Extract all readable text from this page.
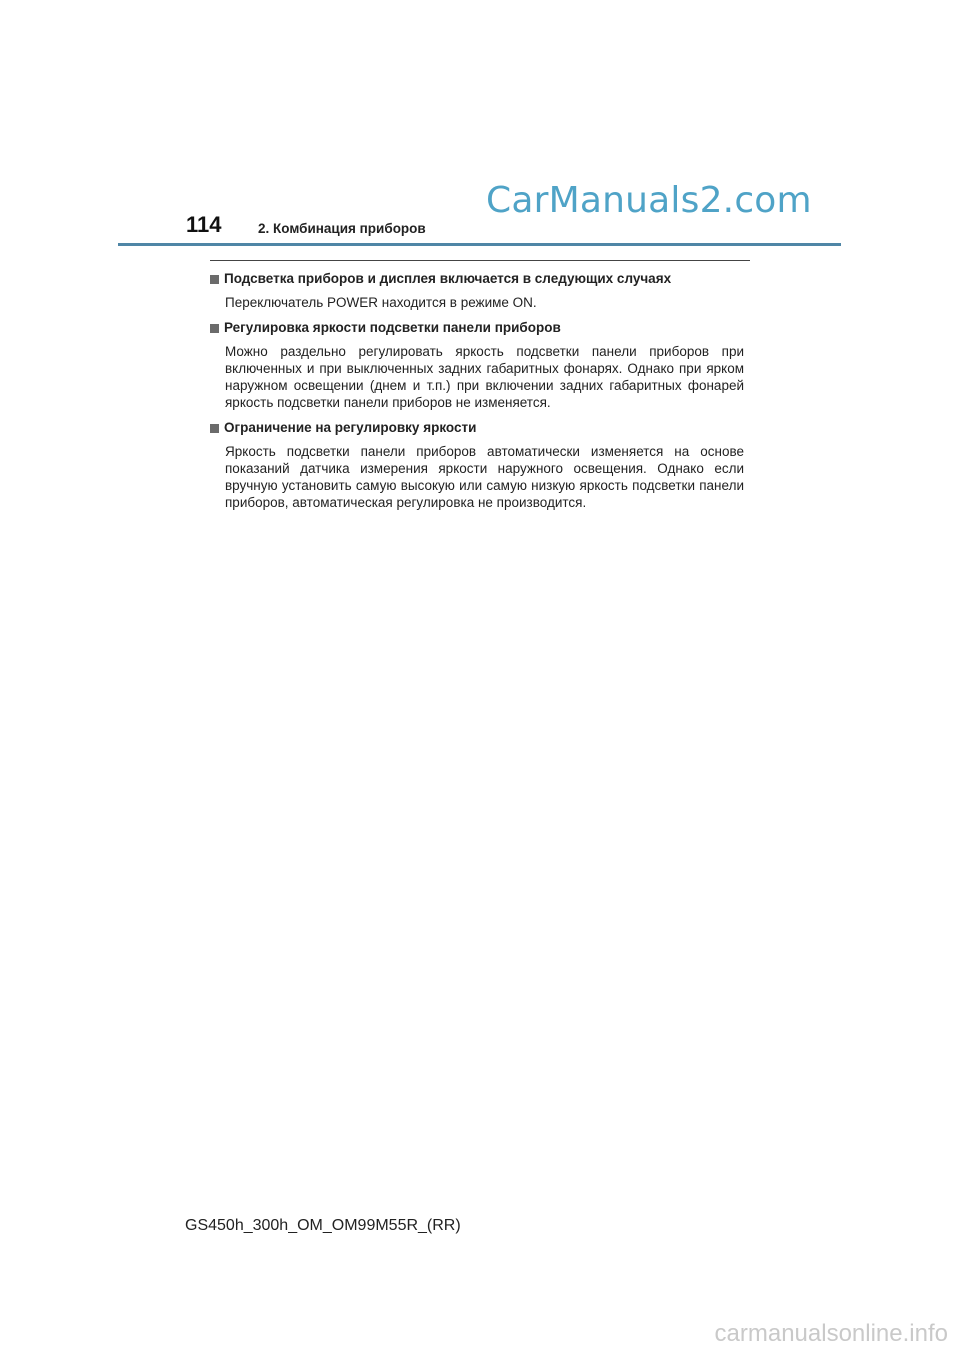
114	2. Комбинация приборов
CarManuals2.com
Подсветка приборов и дисплея включается в следующих случаях
Переключатель POWER находится в режиме ON.
Регулировка яркости подсветки панели приборов
Можно раздельно регулировать яркость подсветки панели приборов при включенных и при выключенных задних габаритных фонарях. Однако при ярком наружном освещении (днем и т.п.) при включении задних габаритных фонарей яркость подсветки панели приборов не изменяется.
Ограничение на регулировку яркости
Яркость подсветки панели приборов автоматически изменяется на основе показаний датчика измерения яркости наружного освещения. Однако если вручную установить самую высокую или самую низкую яркость подсветки панели приборов, автоматическая регулировка не производится.
GS450h_300h_OM_OM99M55R_(RR)
carmanualsonline.info
